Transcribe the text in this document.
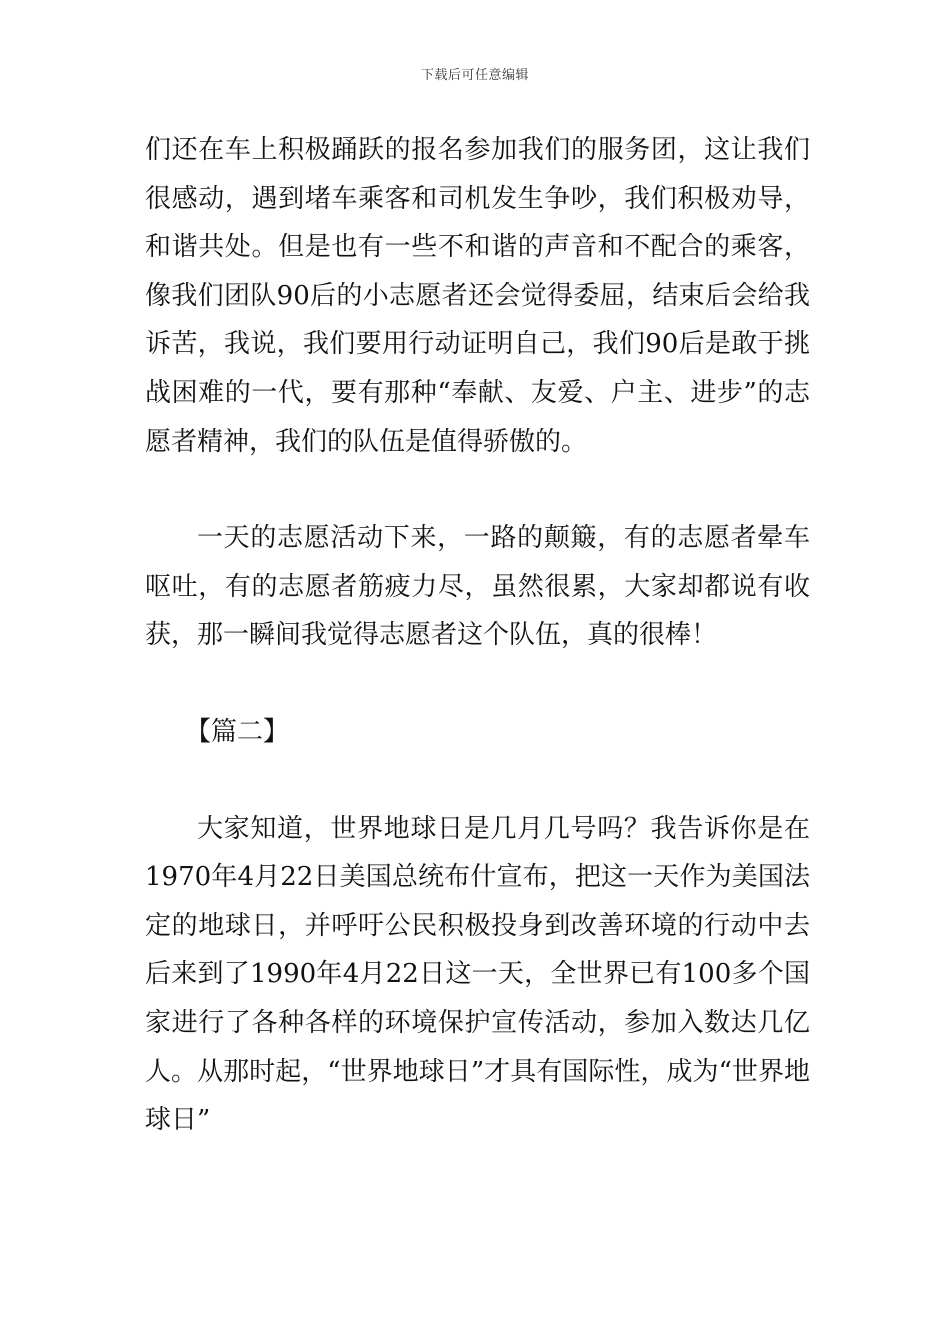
下载后可任意编辑

们还在车上积极踊跃的报名参加我们的服务团，这让我们很感动，遇到堵车乘客和司机发生争吵，我们积极劝导，和谐共处。但是也有一些不和谐的声音和不配合的乘客，像我们团队90后的小志愿者还会觉得委屈，结束后会给我诉苦，我说，我们要用行动证明自己，我们90后是敢于挑战困难的一代，要有那种“奉献、友爱、户主、进步”的志愿者精神，我们的队伍是值得骄傲的。

一天的志愿活动下来，一路的颠簸，有的志愿者晕车呕吐，有的志愿者筋疲力尽，虽然很累，大家却都说有收获，那一瞬间我觉得志愿者这个队伍，真的很棒！

【篇二】

大家知道，世界地球日是几月几号吗？我告诉你是在1970年4月22日美国总统布什宣布，把这一天作为美国法定的地球日，并呼吁公民积极投身到改善环境的行动中去后来到了1990年4月22日这一天，全世界已有100多个国家进行了各种各样的环境保护宣传活动，参加入数达几亿人。从那时起，“世界地球日”才具有国际性，成为“世界地球日”
